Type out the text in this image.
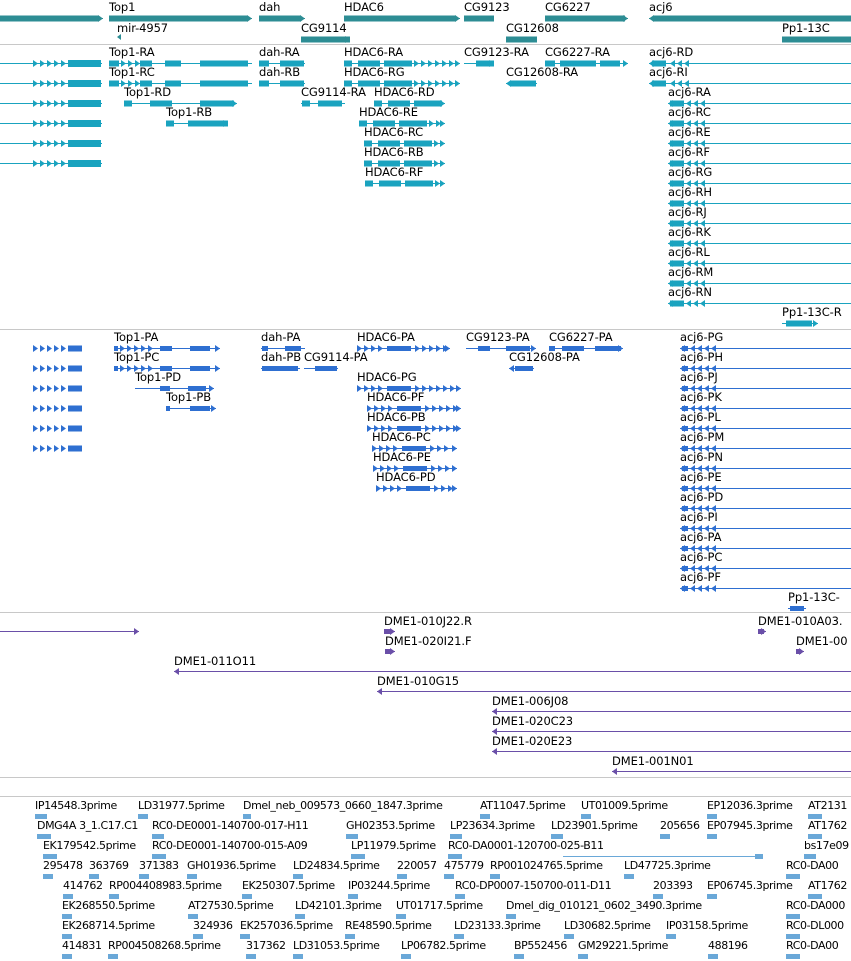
Top1
mir-4957
dah
CG9114
HDAC6	CG9123
CG12608
CG6227	acj6
Pp1-13C
Top1-RA
Top1-RC
Top1-RD
Top1-RB
dah-RA
dah-RB
CG9114-RA
HDAC6-RA
HDAC6-RG
HDAC6-RD
HDAC6-RE
HDAC6-RC
HDAC6-RB
HDAC6-RF
CG9123-RA
CG12608-RA
CG6227-RA	acj6-RD
acj6-RI
acj6-RA
acj6-RC
acj6-RE
acj6-RF
acj6-RG
acj6-RH
acj6-RJ
acj6-RK
acj6-RL
acj6-RM
acj6-RN
Pp1-13C-R
Top1-PA
Top1-PC
Top1-PD
Top1-PB
dah-PA
dah-PB CG9114-PA
HDAC6-PA
HDAC6-PG
HDAC6-PF
HDAC6-PB
HDAC6-PC
HDAC6-PE
HDAC6-PD
CG9123-PA
CG12608-PA
CG6227-PA	acj6-PG
acj6-PH
acj6-PJ
acj6-PK
acj6-PL
acj6-PM
acj6-PN
acj6-PE
acj6-PD
acj6-PI
acj6-PA
acj6-PC
acj6-PF
Pp1-13C-
DME1-010J22.R
DME1-020I21.F
DME1-011O11
DME1-010G15
DME1-006J08
DME1-020C23
DME1-020E23
DME1-001N01
DME1-010A03.
DME1-00
IP14548.3prime LD31977.5prime Dmel_neb_009573_0660_1847.3prime	AT11047.5prime UT01009.5prime	EP12036.3prime AT2131
DMG4A 3_1.C17.C1 RC0-DE0001-140700-017-H11	GH02353.5prime LP23634.3prime LD23901.5prime 205656 EP07945.3prime AT1762
EK179542.5prime RC0-DE0001-140700-015-A09	LP11979.5prime RC0-DA0001-120700-025-B11	bs17e09
295478 363769 371383 GH01936.5prime LD24834.5prime 220057 475779 RP001024765.5prime LD47725.3prime	RC0-DA00
414762 RP004408983.5prime EK250307.5prime IP03244.5prime RC0-DP0007-150700-011-D11	203393 EP06745.3prime AT1762
EK268550.5prime	AT27530.5prime LD42101.3prime UT01717.5prime Dmel_dig_010121_0602_3490.3prime	RC0-DA000
EK268714.5prime	324936 EK257036.5prime RE48590.5prime LD23133.3prime LD30682.5prime IP03158.5prime	RC0-DL000
414831 RP004508268.5prime 317362 LD31053.5prime LP06782.5prime	BP552456 GM29221.5prime	488196	RC0-DA00
